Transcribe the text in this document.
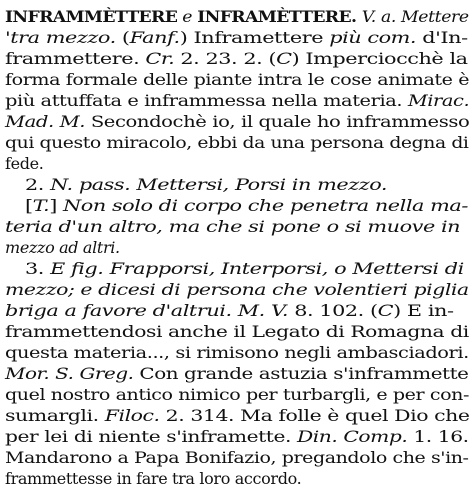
INFRAMMÈTTERE e INFRAMÈTTERE. V. a. Mettere
'tra mezzo. (Fanf.) Inframettere più com. d'In-
frammettere. Cr. 2. 23. 2. (C) Imperciocchè la
forma formale delle piante intra le cose animate è
più attuffata e inframmessa nella materia. Mirac.
Mad. M. Secondochè io, il quale ho inframmesso
qui questo miracolo, ebbi da una persona degna di
fede.
2. N. pass. Mettersi, Porsi in mezzo.
[T.] Non solo di corpo che penetra nella ma-
teria d'un altro, ma che si pone o si muove in
mezzo ad altri.
3. E fig. Frapporsi, Interporsi, o Mettersi di
mezzo; e dicesi di persona che volentieri piglia
briga a favore d'altrui. M. V. 8. 102. (C) E in-
frammettendosi anche il Legato di Romagna di
questa materia..., si rimisono negli ambasciadori.
Mor. S. Greg. Con grande astuzia s'inframmette
quel nostro antico nimico per turbargli, e per con-
sumargli. Filoc. 2. 314. Ma folle è quel Dio che
per lei di niente s'inframette. Din. Comp. 1. 16.
Mandarono a Papa Bonifazio, pregandolo che s'in-
frammettesse in fare tra loro accordo.
